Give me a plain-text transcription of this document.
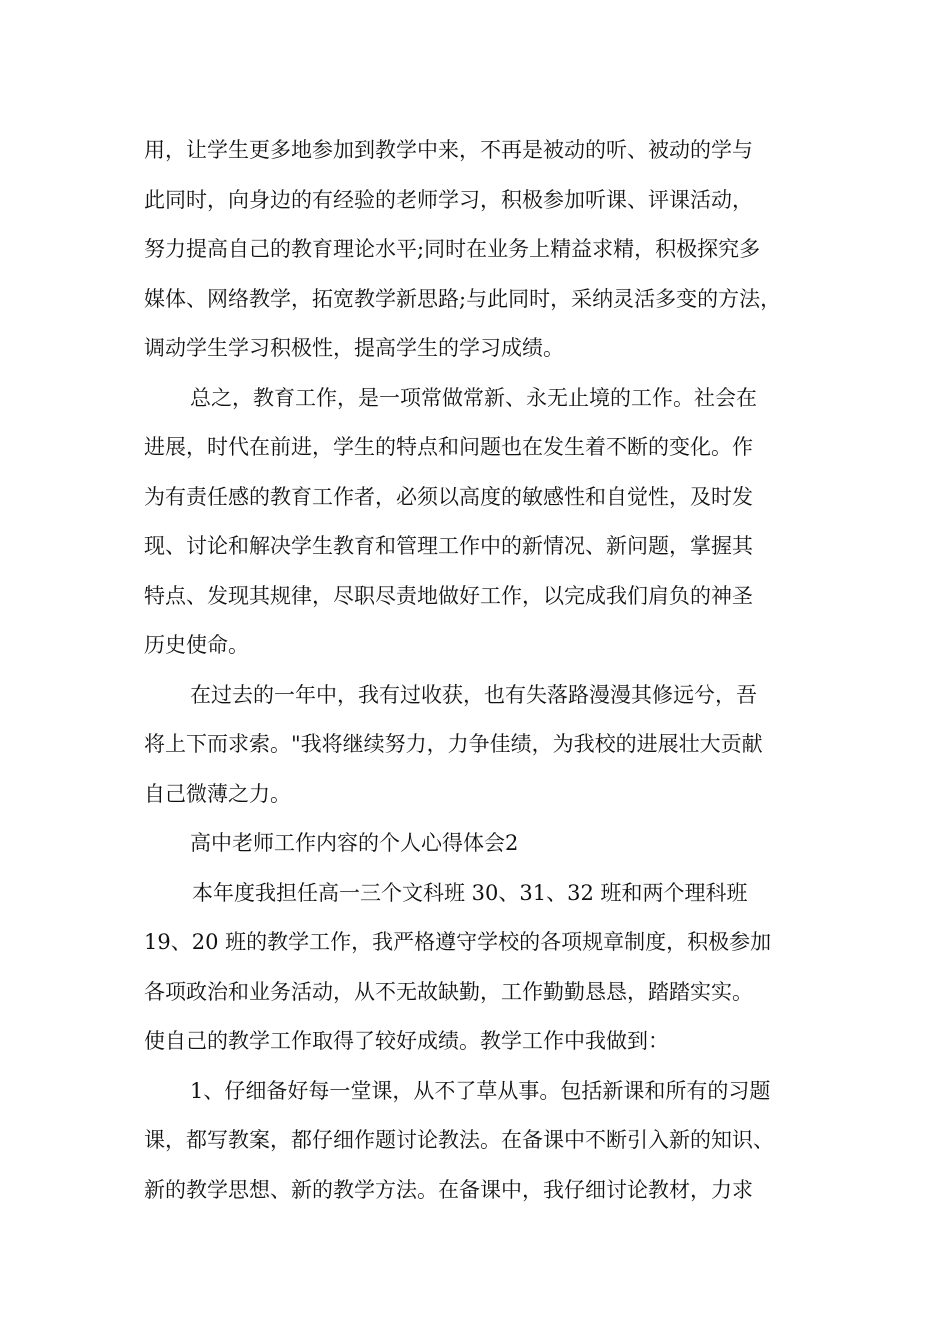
用，让学生更多地参加到教学中来，不再是被动的听、被动的学与
此同时，向身边的有经验的老师学习，积极参加听课、评课活动，
努力提高自己的教育理论水平;同时在业务上精益求精，积极探究多
媒体、网络教学，拓宽教学新思路;与此同时，采纳灵活多变的方法，
调动学生学习积极性，提高学生的学习成绩。
总之，教育工作，是一项常做常新、永无止境的工作。社会在
进展，时代在前进，学生的特点和问题也在发生着不断的变化。作
为有责任感的教育工作者，必须以高度的敏感性和自觉性，及时发
现、讨论和解决学生教育和管理工作中的新情况、新问题，掌握其
特点、发现其规律，尽职尽责地做好工作，以完成我们肩负的神圣
历史使命。
在过去的一年中，我有过收获，也有失落路漫漫其修远兮，吾
将上下而求索。"我将继续努力，力争佳绩，为我校的进展壮大贡献
自己微薄之力。
高中老师工作内容的个人心得体会2
本年度我担任高一三个文科班 30、31、32 班和两个理科班
19、20 班的教学工作，我严格遵守学校的各项规章制度，积极参加
各项政治和业务活动，从不无故缺勤，工作勤勤恳恳，踏踏实实。
使自己的教学工作取得了较好成绩。教学工作中我做到：
1、仔细备好每一堂课，从不了草从事。包括新课和所有的习题
课，都写教案，都仔细作题讨论教法。在备课中不断引入新的知识、
新的教学思想、新的教学方法。在备课中，我仔细讨论教材，力求
